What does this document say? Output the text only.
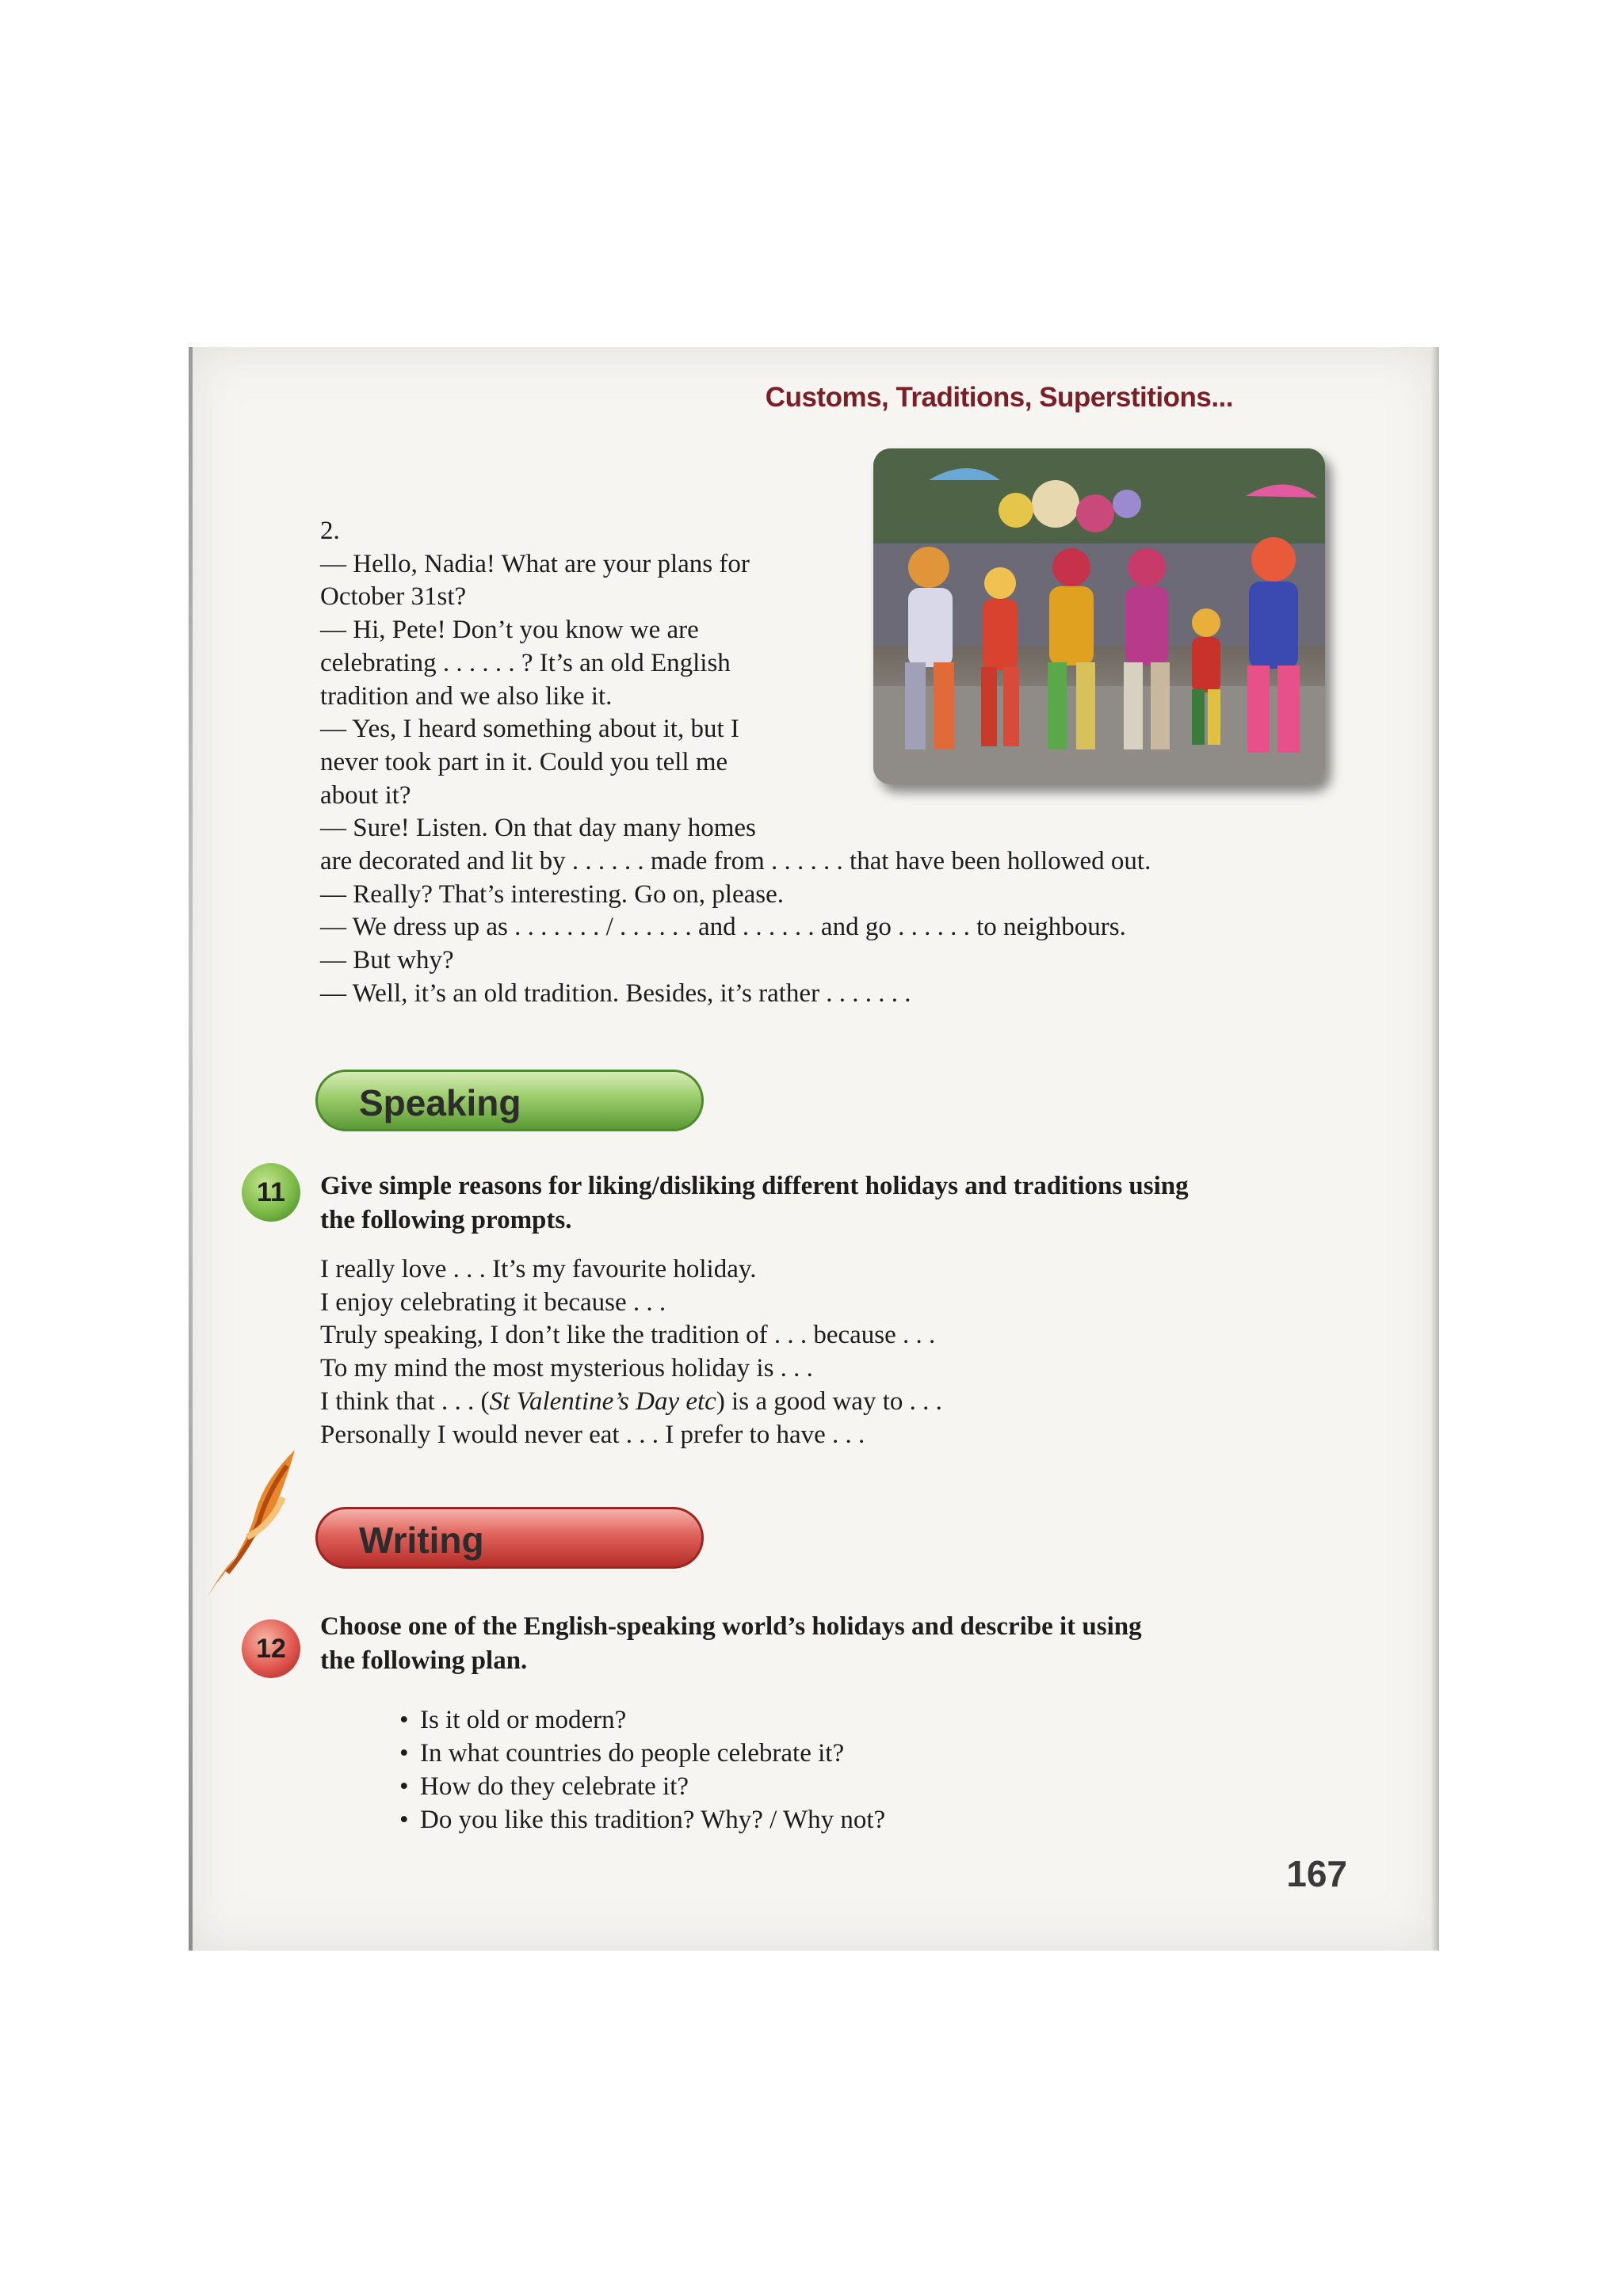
Customs, Traditions, Superstitions...

2.

— Hello, Nadia! What are your plans for

October 31st?

— Hi, Pete! Don’t you know we are

celebrating . . . . . . ? It’s an old English

tradition and we also like it.

— Yes, I heard something about it, but I

never took part in it. Could you tell me

about it?

— Sure! Listen. On that day many homes

are decorated and lit by . . . . . . made from . . . . . . that have been hollowed out.

— Really? That’s interesting. Go on, please.

— We dress up as . . . . . . . / . . . . . . and . . . . . . and go . . . . . . to neighbours.

— But why?

— Well, it’s an old tradition. Besides, it’s rather . . . . . . .

Speaking
11	Give simple reasons for liking/disliking different holidays and traditions using

the following prompts.

I really love . . . It’s my favourite holiday.

I enjoy celebrating it because . . .

Truly speaking, I don’t like the tradition of . . . because . . .

To my mind the most mysterious holiday is . . .

I think that . . . (St Valentine’s Day etc) is a good way to . . .

Personally I would never eat . . . I prefer to have . . .

Writing
12

Choose one of the English-speaking world’s holidays and describe it using

the following plan.

• Is it old or modern?

• In what countries do people celebrate it?

• How do they celebrate it?

• Do you like this tradition? Why? / Why not?

167
